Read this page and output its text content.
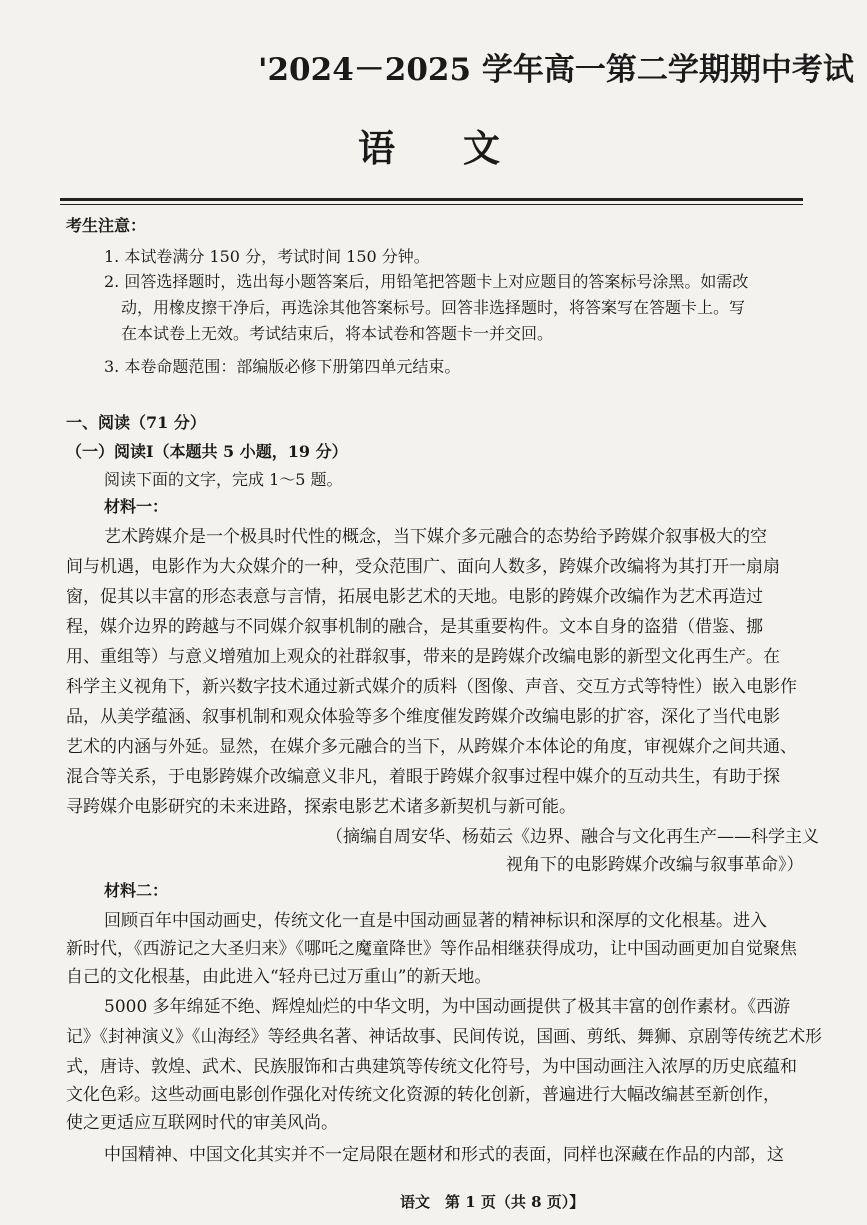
'2024－2025 学年高一第二学期期中考试
语文
考生注意：
1. 本试卷满分 150 分，考试时间 150 分钟。
2. 回答选择题时，选出每小题答案后，用铅笔把答题卡上对应题目的答案标号涂黑。如需改
动，用橡皮擦干净后，再选涂其他答案标号。回答非选择题时，将答案写在答题卡上。写
在本试卷上无效。考试结束后，将本试卷和答题卡一并交回。
3. 本卷命题范围：部编版必修下册第四单元结束。
一、阅读（71 分）
（一）阅读Ⅰ（本题共 5 小题，19 分）
阅读下面的文字，完成 1～5 题。
材料一：
艺术跨媒介是一个极具时代性的概念，当下媒介多元融合的态势给予跨媒介叙事极大的空
间与机遇，电影作为大众媒介的一种，受众范围广、面向人数多，跨媒介改编将为其打开一扇扇
窗，促其以丰富的形态表意与言情，拓展电影艺术的天地。电影的跨媒介改编作为艺术再造过
程，媒介边界的跨越与不同媒介叙事机制的融合，是其重要构件。文本自身的盗猎（借鉴、挪
用、重组等）与意义增殖加上观众的社群叙事，带来的是跨媒介改编电影的新型文化再生产。在
科学主义视角下，新兴数字技术通过新式媒介的质料（图像、声音、交互方式等特性）嵌入电影作
品，从美学蕴涵、叙事机制和观众体验等多个维度催发跨媒介改编电影的扩容，深化了当代电影
艺术的内涵与外延。显然，在媒介多元融合的当下，从跨媒介本体论的角度，审视媒介之间共通、
混合等关系，于电影跨媒介改编意义非凡，着眼于跨媒介叙事过程中媒介的互动共生，有助于探
寻跨媒介电影研究的未来进路，探索电影艺术诸多新契机与新可能。
（摘编自周安华、杨茹云《边界、融合与文化再生产——科学主义
视角下的电影跨媒介改编与叙事革命》）
材料二：
回顾百年中国动画史，传统文化一直是中国动画显著的精神标识和深厚的文化根基。进入
新时代，《西游记之大圣归来》《哪吒之魔童降世》等作品相继获得成功，让中国动画更加自觉聚焦
自己的文化根基，由此进入“轻舟已过万重山”的新天地。
5000 多年绵延不绝、辉煌灿烂的中华文明，为中国动画提供了极其丰富的创作素材。《西游
记》《封神演义》《山海经》等经典名著、神话故事、民间传说，国画、剪纸、舞狮、京剧等传统艺术形
式，唐诗、敦煌、武术、民族服饰和古典建筑等传统文化符号，为中国动画注入浓厚的历史底蕴和
文化色彩。这些动画电影创作强化对传统文化资源的转化创新，普遍进行大幅改编甚至新创作，
使之更适应互联网时代的审美风尚。
中国精神、中国文化其实并不一定局限在题材和形式的表面，同样也深藏在作品的内部，这
语文　第 1 页（共 8 页）】
